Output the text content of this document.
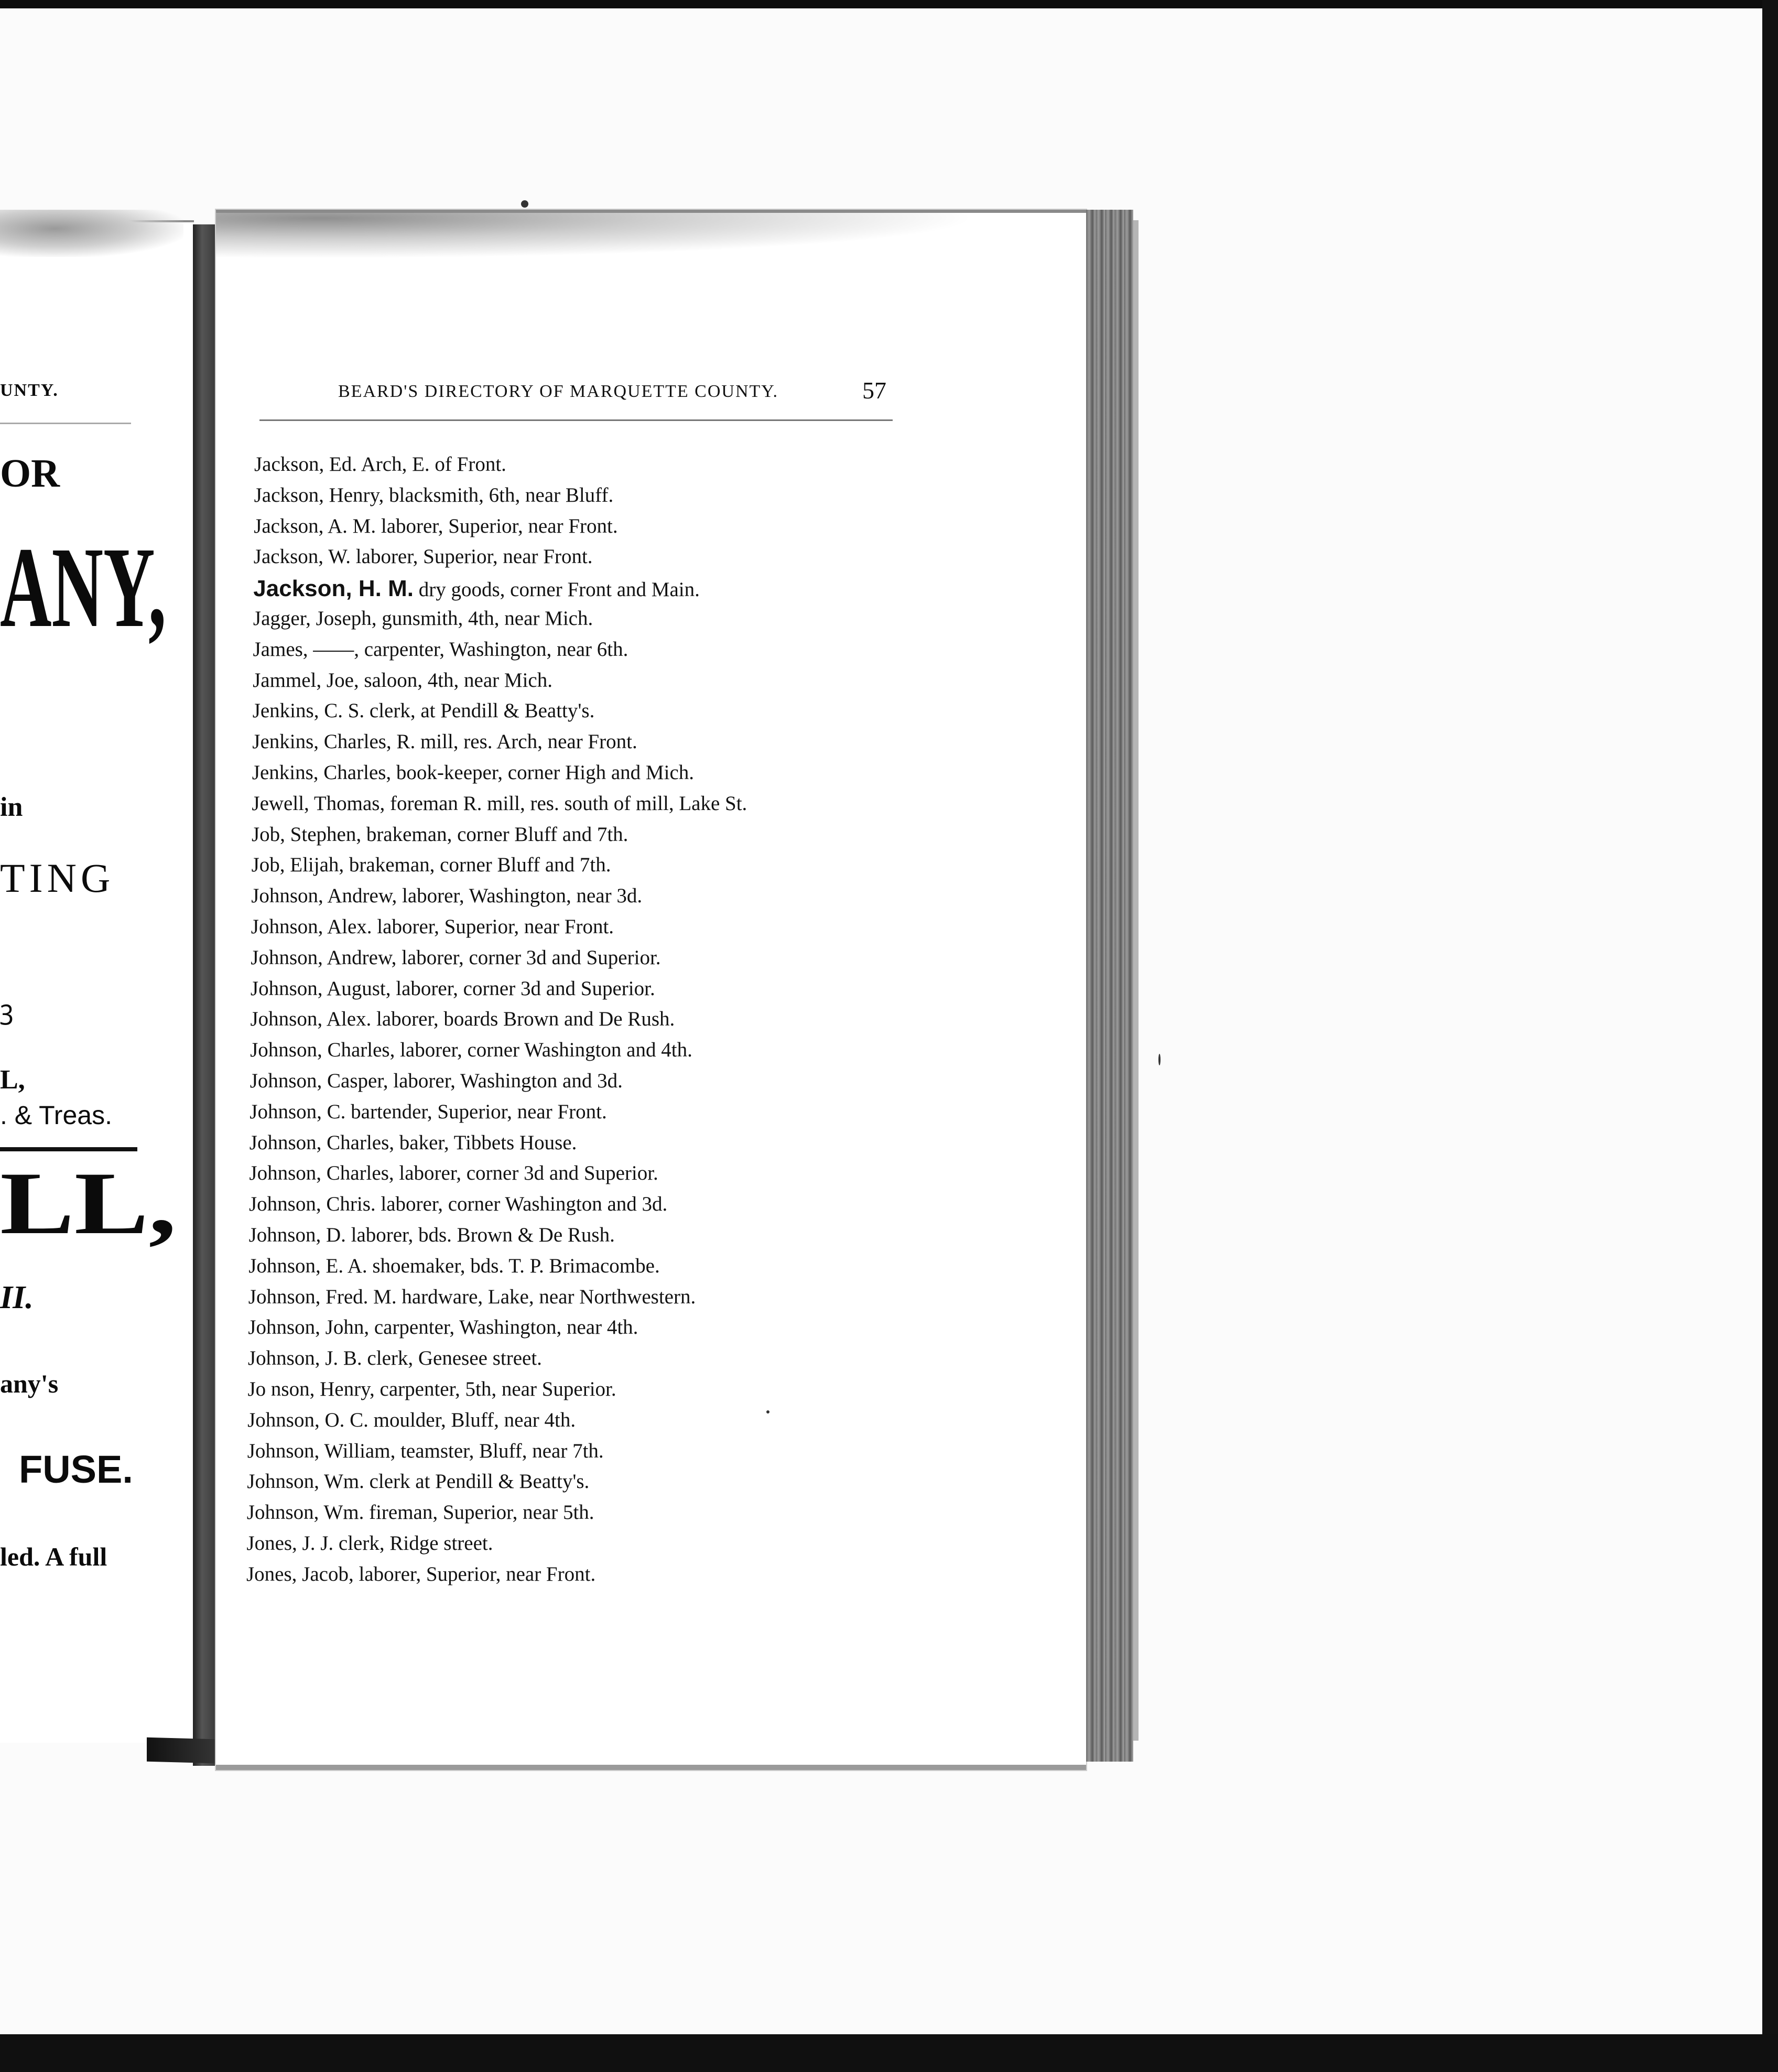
UNTY.
OR
ANY,
in
TING
ꝫ
L,
. & Treas.
LL,
II.
any's
FUSE.
led. A full
BEARD'S DIRECTORY OF MARQUETTE COUNTY.	57
Jackson, Ed. Arch, E. of Front.
Jackson, Henry, blacksmith, 6th, near Bluff.
Jackson, A. M. laborer, Superior, near Front.
Jackson, W. laborer, Superior, near Front.
Jackson, H. M. dry goods, corner Front and Main.
Jagger, Joseph, gunsmith, 4th, near Mich.
James, ——, carpenter, Washington, near 6th.
Jammel, Joe, saloon, 4th, near Mich.
Jenkins, C. S. clerk, at Pendill & Beatty's.
Jenkins, Charles, R. mill, res. Arch, near Front.
Jenkins, Charles, book-keeper, corner High and Mich.
Jewell, Thomas, foreman R. mill, res. south of mill, Lake St.
Job, Stephen, brakeman, corner Bluff and 7th.
Job, Elijah, brakeman, corner Bluff and 7th.
Johnson, Andrew, laborer, Washington, near 3d.
Johnson, Alex. laborer, Superior, near Front.
Johnson, Andrew, laborer, corner 3d and Superior.
Johnson, August, laborer, corner 3d and Superior.
Johnson, Alex. laborer, boards Brown and De Rush.
Johnson, Charles, laborer, corner Washington and 4th.
Johnson, Casper, laborer, Washington and 3d.
Johnson, C. bartender, Superior, near Front.
Johnson, Charles, baker, Tibbets House.
Johnson, Charles, laborer, corner 3d and Superior.
Johnson, Chris. laborer, corner Washington and 3d.
Johnson, D. laborer, bds. Brown & De Rush.
Johnson, E. A. shoemaker, bds. T. P. Brimacombe.
Johnson, Fred. M. hardware, Lake, near Northwestern.
Johnson, John, carpenter, Washington, near 4th.
Johnson, J. B. clerk, Genesee street.
Jo nson, Henry, carpenter, 5th, near Superior.
Johnson, O. C. moulder, Bluff, near 4th.
Johnson, William, teamster, Bluff, near 7th.
Johnson, Wm. clerk at Pendill & Beatty's.
Johnson, Wm. fireman, Superior, near 5th.
Jones, J. J. clerk, Ridge street.
Jones, Jacob, laborer, Superior, near Front.
